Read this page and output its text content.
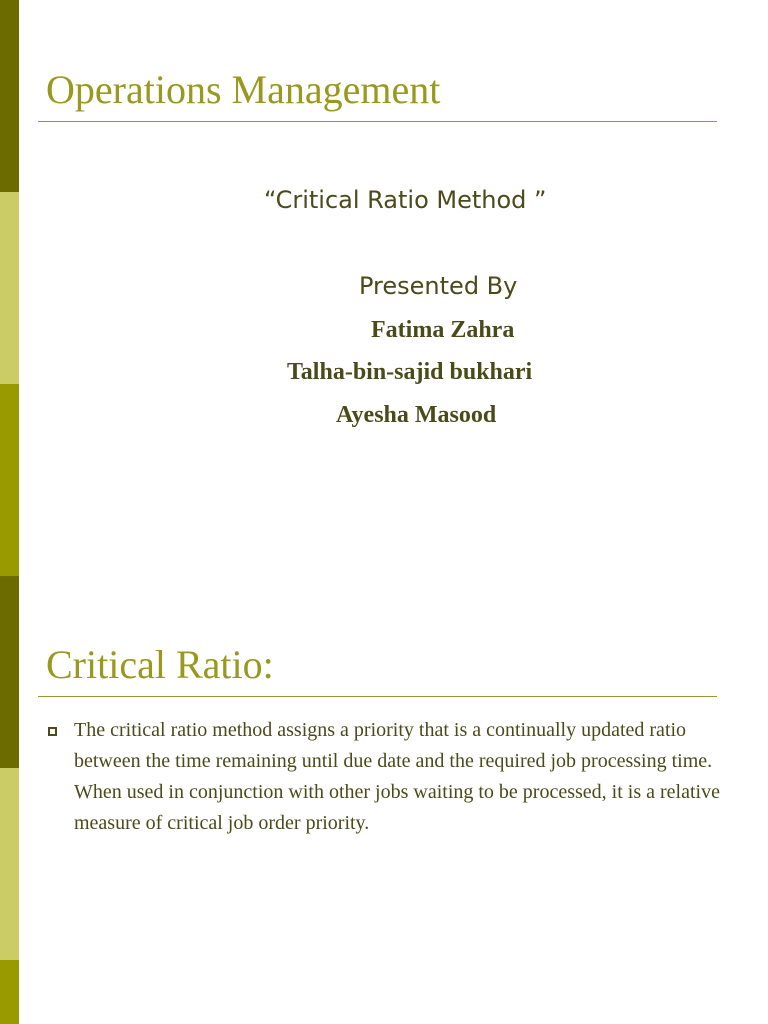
Operations Management
“Critical Ratio Method ”
Presented By
Fatima Zahra
Talha-bin-sajid bukhari
Ayesha Masood
Critical Ratio:

The critical ratio method assigns a priority that is a continually updated ratio between the time remaining until due date and the required job processing time. When used in conjunction with other jobs waiting to be processed, it is a relative measure of critical job order priority.
